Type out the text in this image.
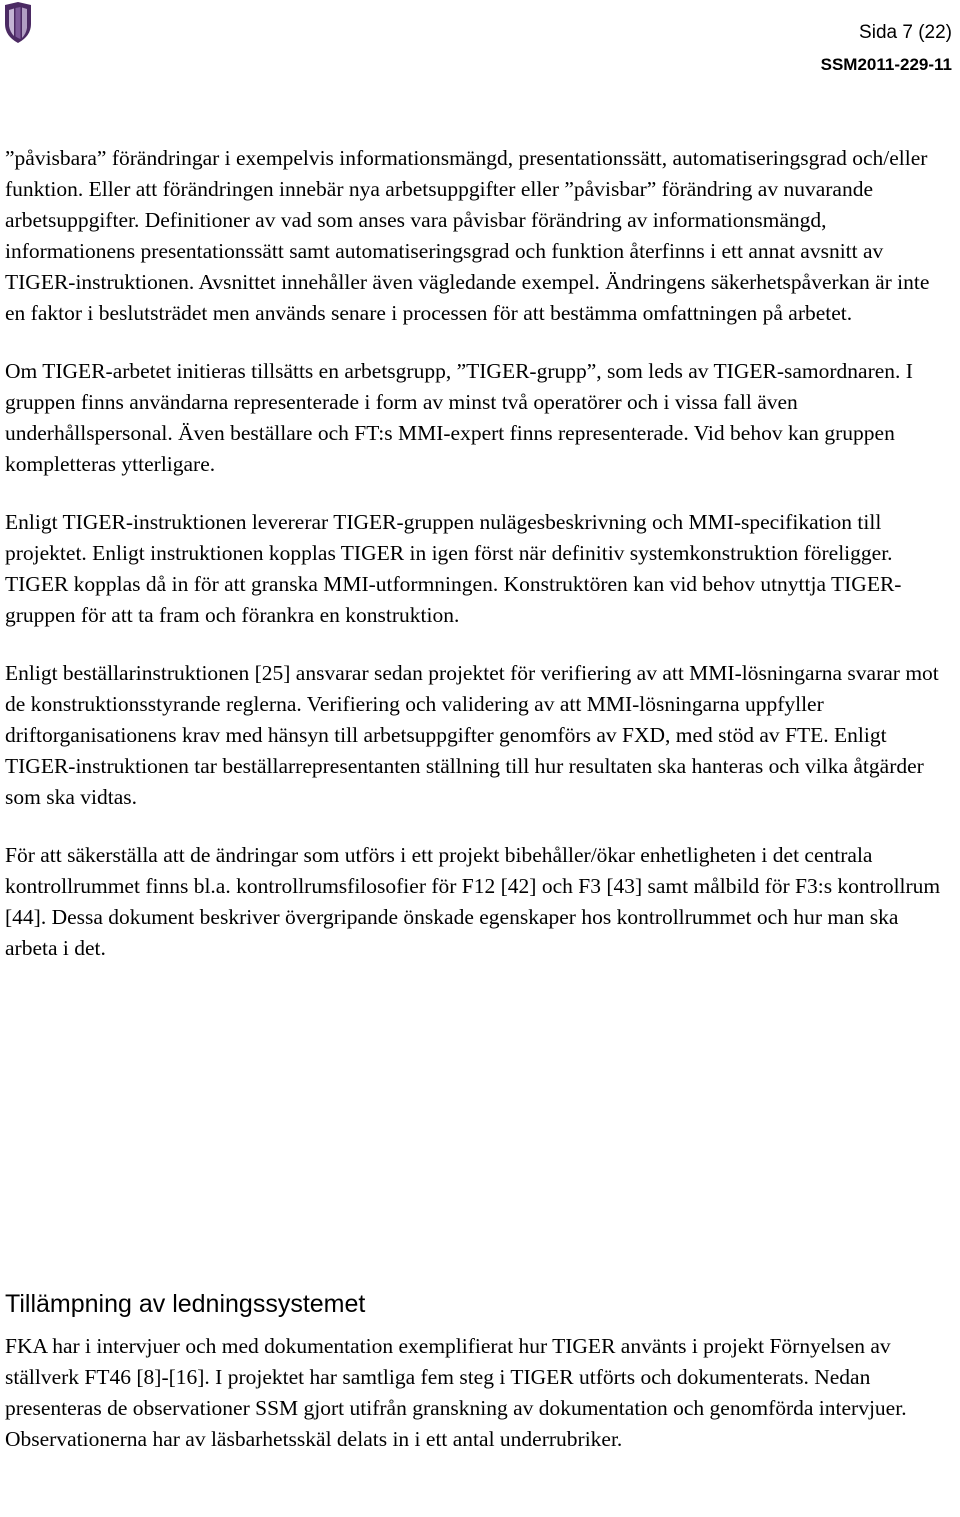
Sida 7 (22)
SSM2011-229-11

”påvisbara” förändringar i exempelvis informationsmängd, presentationssätt, automatiseringsgrad och/eller funktion. Eller att förändringen innebär nya arbetsuppgifter eller ”påvisbar” förändring av nuvarande arbetsuppgifter. Definitioner av vad som anses vara påvisbar förändring av informationsmängd, informationens presentationssätt samt automatiseringsgrad och funktion återfinns i ett annat avsnitt av TIGER-instruktionen. Avsnittet innehåller även vägledande exempel. Ändringens säkerhetspåverkan är inte en faktor i beslutsträdet men används senare i processen för att bestämma omfattningen på arbetet.

Om TIGER-arbetet initieras tillsätts en arbetsgrupp, ”TIGER-grupp”, som leds av TIGER-samordnaren. I gruppen finns användarna representerade i form av minst två operatörer och i vissa fall även underhållspersonal. Även beställare och FT:s MMI-expert finns representerade. Vid behov kan gruppen kompletteras ytterligare.

Enligt TIGER-instruktionen levererar TIGER-gruppen nulägesbeskrivning och MMI-specifikation till projektet. Enligt instruktionen kopplas TIGER in igen först när definitiv systemkonstruktion föreligger. TIGER kopplas då in för att granska MMI-utformningen. Konstruktören kan vid behov utnyttja TIGER-gruppen för att ta fram och förankra en konstruktion.

Enligt beställarinstruktionen [25] ansvarar sedan projektet för verifiering av att MMI-lösningarna svarar mot de konstruktionsstyrande reglerna. Verifiering och validering av att MMI-lösningarna uppfyller driftorganisationens krav med hänsyn till arbetsuppgifter genomförs av FXD, med stöd av FTE. Enligt TIGER-instruktionen tar beställarrepresentanten ställning till hur resultaten ska hanteras och vilka åtgärder som ska vidtas.

För att säkerställa att de ändringar som utförs i ett projekt bibehåller/ökar enhetligheten i det centrala kontrollrummet finns bl.a. kontrollrumsfilosofier för F12 [42] och F3 [43] samt målbild för F3:s kontrollrum [44]. Dessa dokument beskriver övergripande önskade egenskaper hos kontrollrummet och hur man ska arbeta i det.

Tillämpning av ledningssystemet

FKA har i intervjuer och med dokumentation exemplifierat hur TIGER använts i projekt Förnyelsen av ställverk FT46 [8]-[16]. I projektet har samtliga fem steg i TIGER utförts och dokumenterats. Nedan presenteras de observationer SSM gjort utifrån granskning av dokumentation och genomförda intervjuer. Observationerna har av läsbarhetsskäl delats in i ett antal underrubriker.
